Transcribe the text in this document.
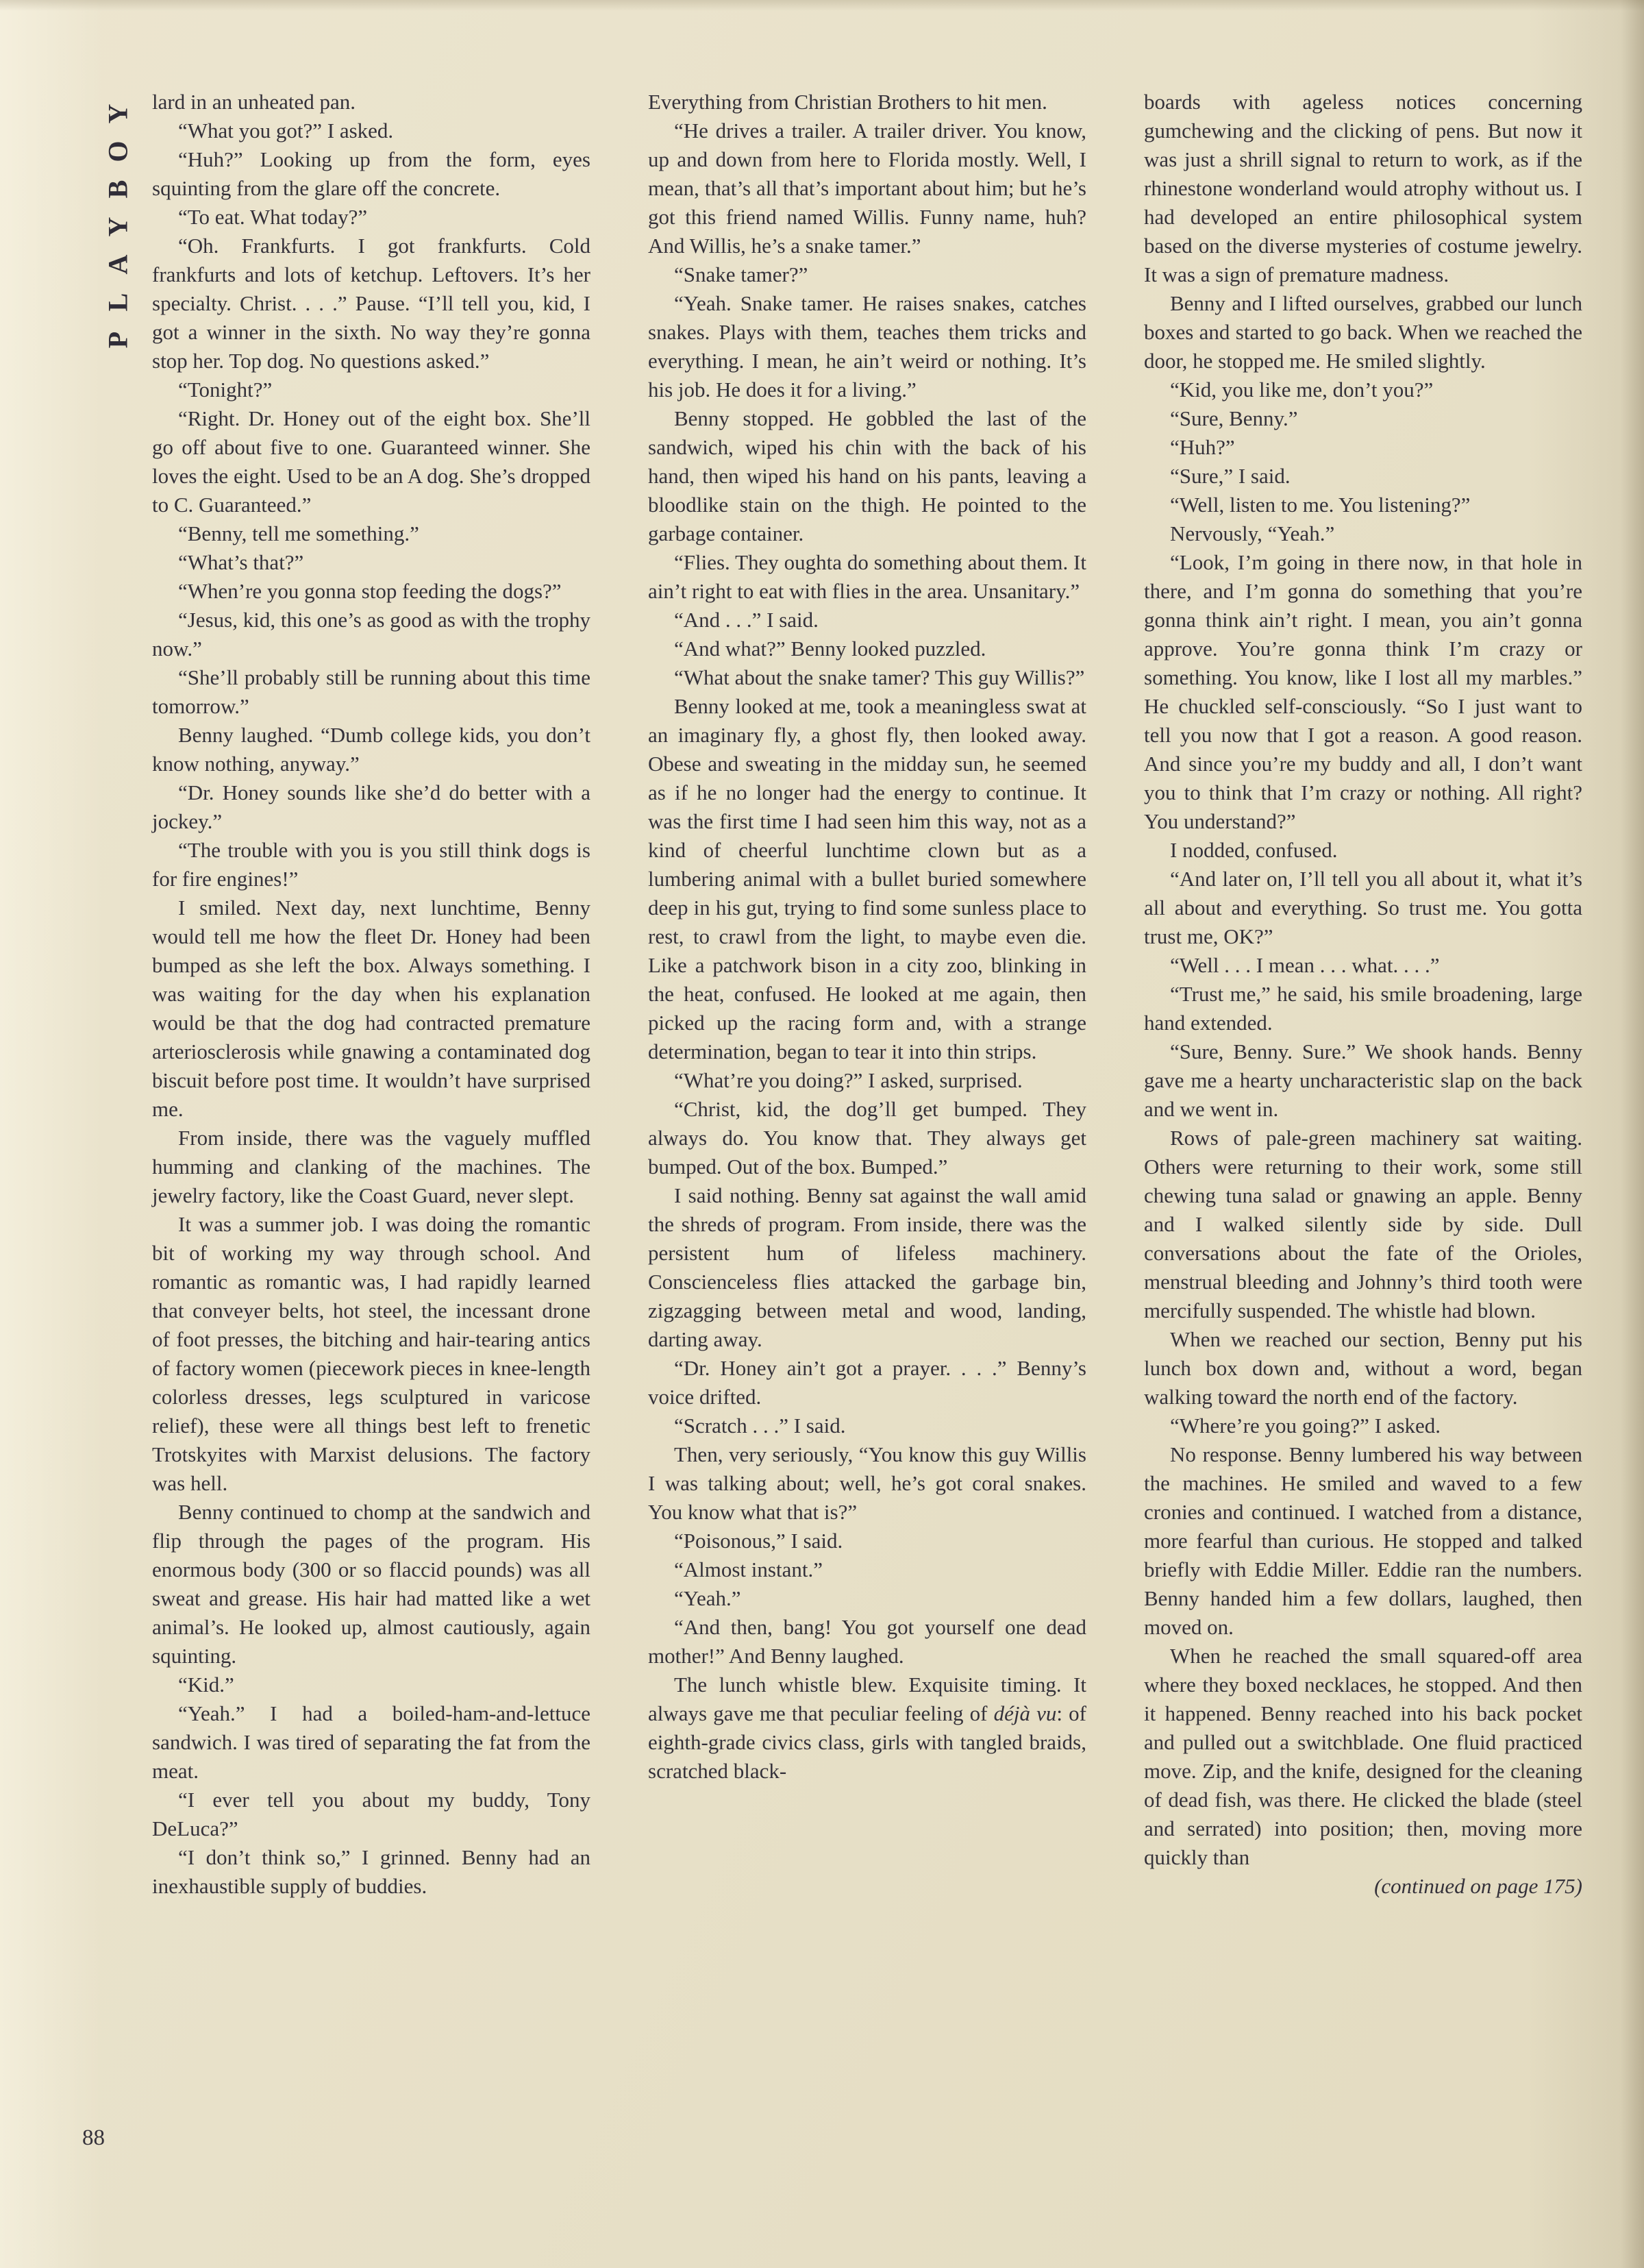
Y
O
B
Y
A
L
P

lard in an unheated pan.

“What you got?” I asked.

“Huh?” Looking up from the form, eyes squinting from the glare off the concrete.

“To eat. What today?”

“Oh. Frankfurts. I got frankfurts. Cold frankfurts and lots of ketchup. Leftovers. It’s her specialty. Christ. . . .” Pause. “I’ll tell you, kid, I got a winner in the sixth. No way they’re gonna stop her. Top dog. No questions asked.”

“Tonight?”

“Right. Dr. Honey out of the eight box. She’ll go off about five to one. Guaranteed winner. She loves the eight. Used to be an A dog. She’s dropped to C. Guaranteed.”

“Benny, tell me something.”

“What’s that?”

“When’re you gonna stop feeding the dogs?”

“Jesus, kid, this one’s as good as with the trophy now.”

“She’ll probably still be running about this time tomorrow.”

Benny laughed. “Dumb college kids, you don’t know nothing, anyway.”

“Dr. Honey sounds like she’d do better with a jockey.”

“The trouble with you is you still think dogs is for fire engines!”

I smiled. Next day, next lunchtime, Benny would tell me how the fleet Dr. Honey had been bumped as she left the box. Always something. I was waiting for the day when his explanation would be that the dog had contracted premature arteriosclerosis while gnawing a contaminated dog biscuit before post time. It wouldn’t have surprised me.

From inside, there was the vaguely muffled humming and clanking of the machines. The jewelry factory, like the Coast Guard, never slept.

It was a summer job. I was doing the romantic bit of working my way through school. And romantic as romantic was, I had rapidly learned that conveyer belts, hot steel, the incessant drone of foot presses, the bitching and hair-tearing antics of factory women (piecework pieces in knee-length colorless dresses, legs sculptured in varicose relief), these were all things best left to frenetic Trotskyites with Marxist delusions. The factory was hell.

Benny continued to chomp at the sandwich and flip through the pages of the program. His enormous body (300 or so flaccid pounds) was all sweat and grease. His hair had matted like a wet animal’s. He looked up, almost cautiously, again squinting.

“Kid.”

“Yeah.” I had a boiled-ham-and-lettuce sandwich. I was tired of separating the fat from the meat.

“I ever tell you about my buddy, Tony DeLuca?”

“I don’t think so,” I grinned. Benny had an inexhaustible supply of buddies.

Everything from Christian Brothers to hit men.

“He drives a trailer. A trailer driver. You know, up and down from here to Florida mostly. Well, I mean, that’s all that’s important about him; but he’s got this friend named Willis. Funny name, huh? And Willis, he’s a snake tamer.”

“Snake tamer?”

“Yeah. Snake tamer. He raises snakes, catches snakes. Plays with them, teaches them tricks and everything. I mean, he ain’t weird or nothing. It’s his job. He does it for a living.”

Benny stopped. He gobbled the last of the sandwich, wiped his chin with the back of his hand, then wiped his hand on his pants, leaving a bloodlike stain on the thigh. He pointed to the garbage container.

“Flies. They oughta do something about them. It ain’t right to eat with flies in the area. Unsanitary.”

“And . . .” I said.

“And what?” Benny looked puzzled.

“What about the snake tamer? This guy Willis?”

Benny looked at me, took a meaningless swat at an imaginary fly, a ghost fly, then looked away. Obese and sweating in the midday sun, he seemed as if he no longer had the energy to continue. It was the first time I had seen him this way, not as a kind of cheerful lunchtime clown but as a lumbering animal with a bullet buried somewhere deep in his gut, trying to find some sunless place to rest, to crawl from the light, to maybe even die. Like a patchwork bison in a city zoo, blinking in the heat, confused. He looked at me again, then picked up the racing form and, with a strange determination, began to tear it into thin strips.

“What’re you doing?” I asked, surprised.

“Christ, kid, the dog’ll get bumped. They always do. You know that. They always get bumped. Out of the box. Bumped.”

I said nothing. Benny sat against the wall amid the shreds of program. From inside, there was the persistent hum of lifeless machinery. Conscienceless flies attacked the garbage bin, zigzagging between metal and wood, landing, darting away.

“Dr. Honey ain’t got a prayer. . . .” Benny’s voice drifted.

“Scratch . . .” I said.

Then, very seriously, “You know this guy Willis I was talking about; well, he’s got coral snakes. You know what that is?”

“Poisonous,” I said.

“Almost instant.”

“Yeah.”

“And then, bang! You got yourself one dead mother!” And Benny laughed.

The lunch whistle blew. Exquisite timing. It always gave me that peculiar feeling of déjà vu: of eighth-grade civics class, girls with tangled braids, scratched black-

boards with ageless notices concerning gumchewing and the clicking of pens. But now it was just a shrill signal to return to work, as if the rhinestone wonderland would atrophy without us. I had developed an entire philosophical system based on the diverse mysteries of costume jewelry. It was a sign of premature madness.

Benny and I lifted ourselves, grabbed our lunch boxes and started to go back. When we reached the door, he stopped me. He smiled slightly.

“Kid, you like me, don’t you?”

“Sure, Benny.”

“Huh?”

“Sure,” I said.

“Well, listen to me. You listening?”

Nervously, “Yeah.”

“Look, I’m going in there now, in that hole in there, and I’m gonna do something that you’re gonna think ain’t right. I mean, you ain’t gonna approve. You’re gonna think I’m crazy or something. You know, like I lost all my marbles.” He chuckled self-consciously. “So I just want to tell you now that I got a reason. A good reason. And since you’re my buddy and all, I don’t want you to think that I’m crazy or nothing. All right? You understand?”

I nodded, confused.

“And later on, I’ll tell you all about it, what it’s all about and everything. So trust me. You gotta trust me, OK?”

“Well . . . I mean . . . what. . . .”

“Trust me,” he said, his smile broadening, large hand extended.

“Sure, Benny. Sure.” We shook hands. Benny gave me a hearty uncharacteristic slap on the back and we went in.

Rows of pale-green machinery sat waiting. Others were returning to their work, some still chewing tuna salad or gnawing an apple. Benny and I walked silently side by side. Dull conversations about the fate of the Orioles, menstrual bleeding and Johnny’s third tooth were mercifully suspended. The whistle had blown.

When we reached our section, Benny put his lunch box down and, without a word, began walking toward the north end of the factory.

“Where’re you going?” I asked.

No response. Benny lumbered his way between the machines. He smiled and waved to a few cronies and continued. I watched from a distance, more fearful than curious. He stopped and talked briefly with Eddie Miller. Eddie ran the numbers. Benny handed him a few dollars, laughed, then moved on.

When he reached the small squared-off area where they boxed necklaces, he stopped. And then it happened. Benny reached into his back pocket and pulled out a switchblade. One fluid practiced move. Zip, and the knife, designed for the cleaning of dead fish, was there. He clicked the blade (steel and serrated) into position; then, moving more quickly than

(continued on page 175)

88
